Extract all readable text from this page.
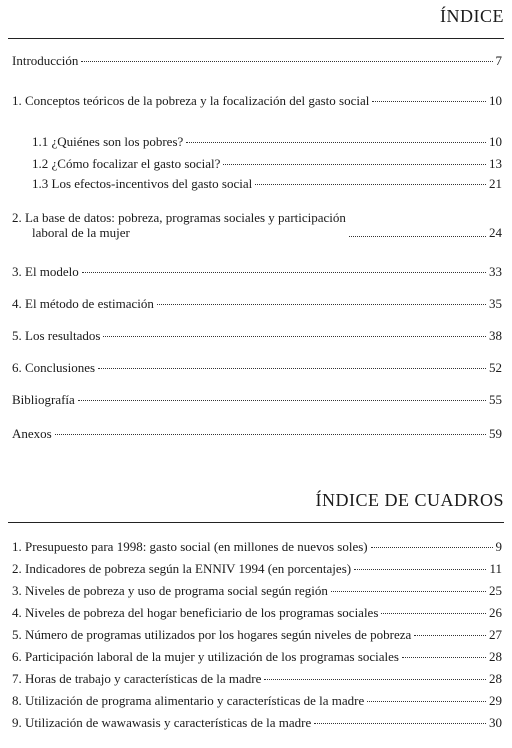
ÍNDICE
Introducción	7
1. Conceptos teóricos de la pobreza y la focalización del gasto social	10
1.1 ¿Quiénes son los pobres?	10
1.2 ¿Cómo focalizar el gasto social?	13
1.3 Los efectos-incentivos del gasto social	21
2. La base de datos: pobreza, programas sociales y participación
laboral de la mujer	24
3. El modelo	33
4. El método de estimación	35
5. Los resultados	38
6. Conclusiones	52
Bibliografía	55
Anexos	59
ÍNDICE DE CUADROS
1. Presupuesto para 1998: gasto social (en millones de nuevos soles)	9
2. Indicadores de pobreza según la ENNIV 1994 (en porcentajes)	11
3. Niveles de pobreza y uso de programa social según región	25
4. Niveles de pobreza del hogar beneficiario de los programas sociales	26
5. Número de programas utilizados por los hogares según niveles de pobreza	27
6. Participación laboral de la mujer y utilización de los programas sociales	28
7. Horas de trabajo y características de la madre	28
8. Utilización de programa alimentario y características de la madre	29
9. Utilización de wawawasis y características de la madre	30
